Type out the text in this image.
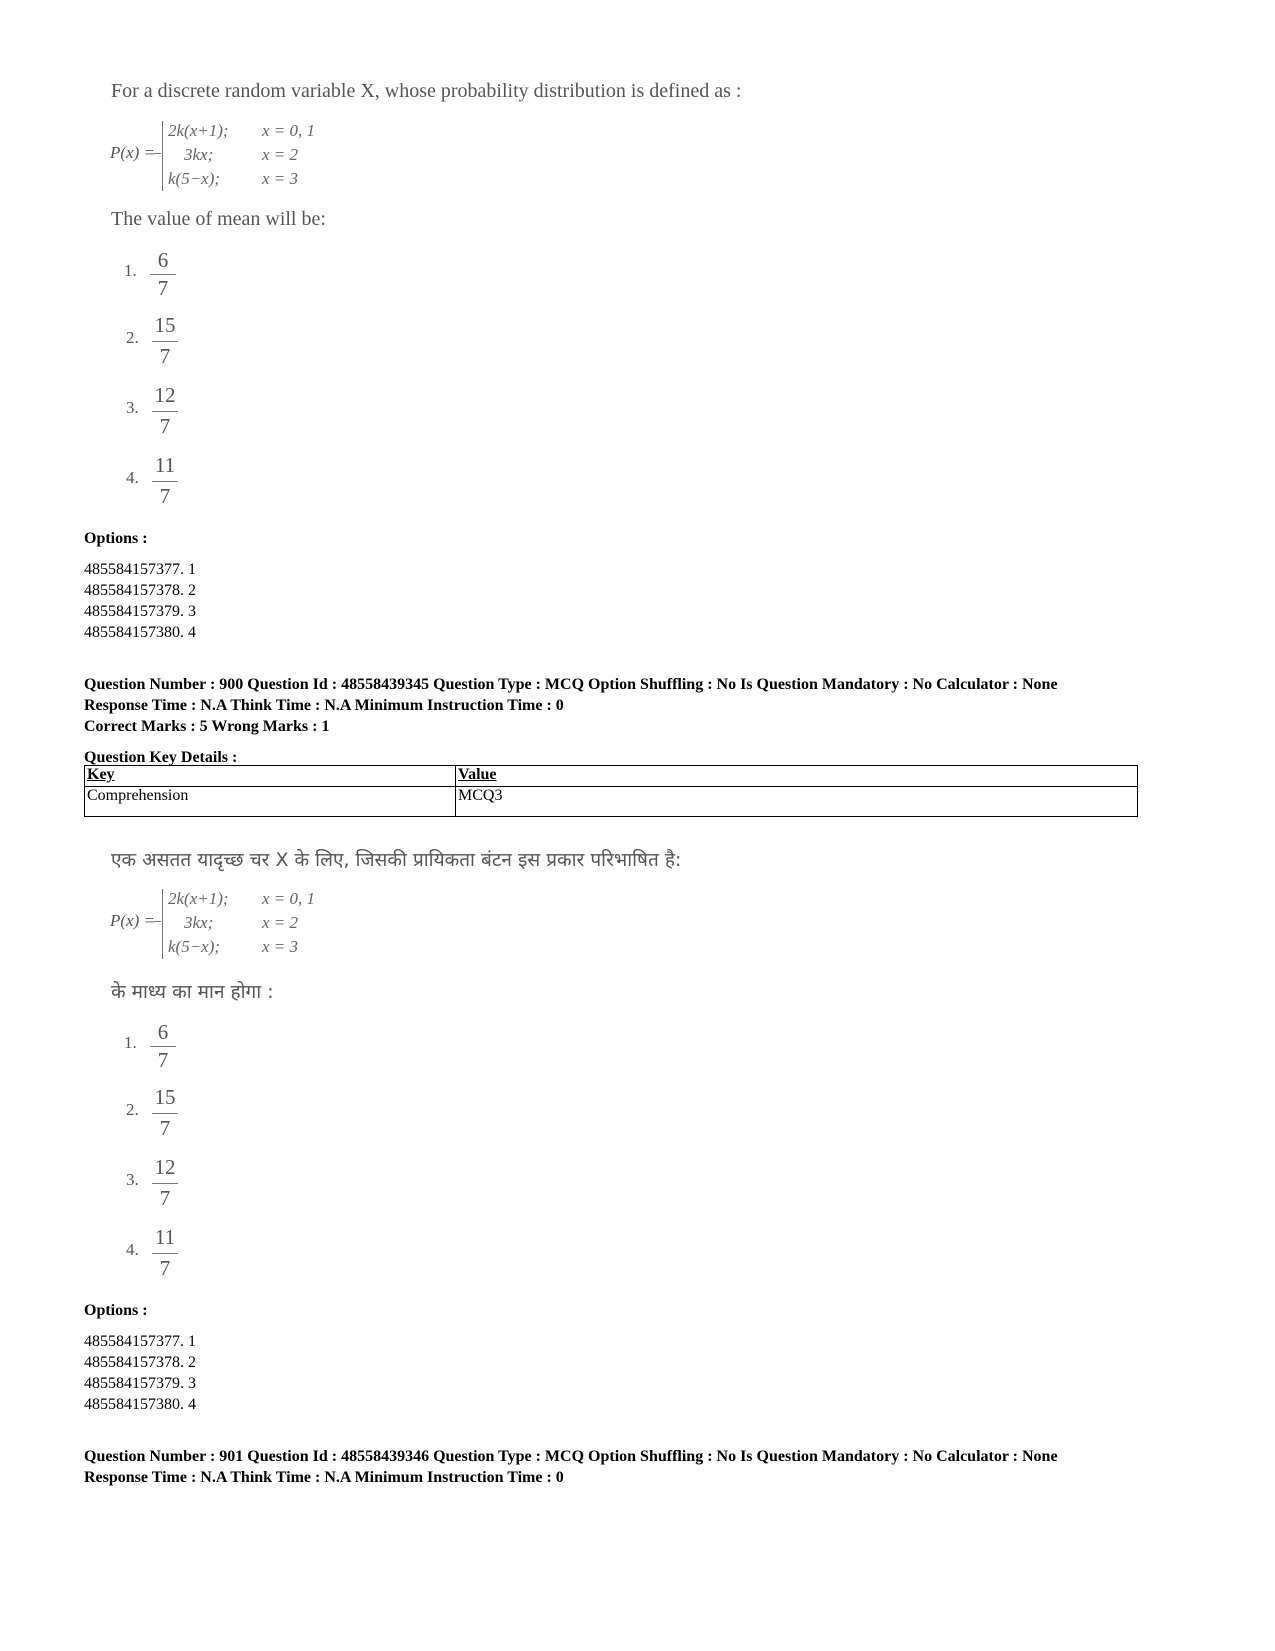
For a discrete random variable X, whose probability distribution is defined as :
P(x) =
2k(x+1); x = 0, 1
3kx;	x = 2
k(5−x); x = 3
The value of mean will be:
1.	6
7
2.
15
7
3.
12
7
4.
11
7
Options :
485584157377. 1
485584157378. 2
485584157379. 3
485584157380. 4
Question Number : 900 Question Id : 48558439345 Question Type : MCQ Option Shuffling : No Is Question Mandatory : No Calculator : None
Response Time : N.A Think Time : N.A Minimum Instruction Time : 0
Correct Marks : 5 Wrong Marks : 1
Question Key Details :
Key	Value
Comprehension	MCQ3
एक असतत यादृच्छ चर X के लिए, जिसकी प्रायिकता बंटन इस प्रकार परिभाषित है:
P(x) =
2k(x+1); x = 0, 1
3kx;	x = 2
k(5−x); x = 3
के माध्य का मान होगा :
1.	6
7
2.
15
7
3.
12
7
4.
11
7
Options :
485584157377. 1
485584157378. 2
485584157379. 3
485584157380. 4
Question Number : 901 Question Id : 48558439346 Question Type : MCQ Option Shuffling : No Is Question Mandatory : No Calculator : None
Response Time : N.A Think Time : N.A Minimum Instruction Time : 0
